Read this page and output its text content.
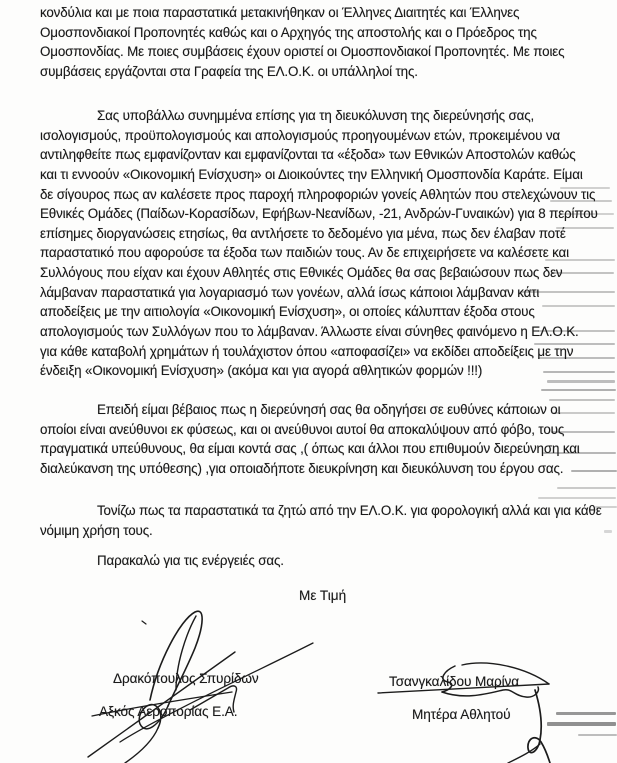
κονδύλια και με ποια παραστατικά μετακινήθηκαν οι Έλληνες Διαιτητές και Έλληνες
Ομοσπονδιακοί Προπονητές καθώς και ο Αρχηγός της αποστολής και ο Πρόεδρος της
Ομοσπονδίας. Με ποιες συμβάσεις έχουν οριστεί οι Ομοσπονδιακοί Προπονητές. Με ποιες
συμβάσεις εργάζονται στα Γραφεία της ΕΛ.Ο.Κ. οι υπάλληλοί της.
Σας υποβάλλω συνημμένα επίσης για τη διευκόλυνση της διερεύνησής σας,
ισολογισμούς, προϋπολογισμούς και απολογισμούς προηγουμένων ετών, προκειμένου να
αντιληφθείτε πως εμφανίζονταν και εμφανίζονται τα «έξοδα» των Εθνικών Αποστολών καθώς
και τι εννοούν «Οικονομική Ενίσχυση» οι Διοικούντες την Ελληνική Ομοσπονδία Καράτε. Είμαι
δε σίγουρος πως αν καλέσετε προς παροχή πληροφοριών γονείς Αθλητών που στελεχώνουν τις
Εθνικές Ομάδες (Παίδων-Κορασίδων, Εφήβων-Νεανίδων, -21, Ανδρών-Γυναικών) για 8 περίπου
επίσημες διοργανώσεις ετησίως, θα αντλήσετε το δεδομένο για μένα, πως δεν έλαβαν ποτέ
παραστατικό που αφορούσε τα έξοδα των παιδιών τους. Αν δε επιχειρήσετε να καλέσετε και
Συλλόγους που είχαν και έχουν Αθλητές στις Εθνικές Ομάδες θα σας βεβαιώσουν πως δεν
λάμβαναν παραστατικά για λογαριασμό των γονέων, αλλά ίσως κάποιοι λάμβαναν κάτι
αποδείξεις με την αιτιολογία «Οικονομική Ενίσχυση», οι οποίες κάλυπταν έξοδα στους
απολογισμούς των Συλλόγων που το λάμβαναν. Άλλωστε είναι σύνηθες φαινόμενο η ΕΛ.Ο.Κ.
για κάθε καταβολή χρημάτων ή τουλάχιστον όπου «αποφασίζει» να εκδίδει αποδείξεις με την
ένδειξη «Οικονομική Ενίσχυση» (ακόμα και για αγορά αθλητικών φορμών !!!)
Επειδή είμαι βέβαιος πως η διερεύνησή σας θα οδηγήσει σε ευθύνες κάποιων οι
οποίοι είναι ανεύθυνοι εκ φύσεως, και οι ανεύθυνοι αυτοί θα αποκαλύψουν από φόβο, τους
πραγματικά υπεύθυνους, θα είμαι κοντά σας ,( όπως και άλλοι που επιθυμούν διερεύνηση και
διαλεύκανση της υπόθεσης) ,για οποιαδήποτε διευκρίνηση και διευκόλυνση του έργου σας.
Τονίζω πως τα παραστατικά τα ζητώ από την ΕΛ.Ο.Κ. για φορολογική αλλά και για κάθε
νόμιμη χρήση τους.
Παρακαλώ για τις ενέργειές σας.
Με Τιμή
Δρακόπουλος Σπυρίδων
Αξκός Αεροπορίας Ε.Α.
Τσανγκαλίδου Μαρίνα
Μητέρα Αθλητού
